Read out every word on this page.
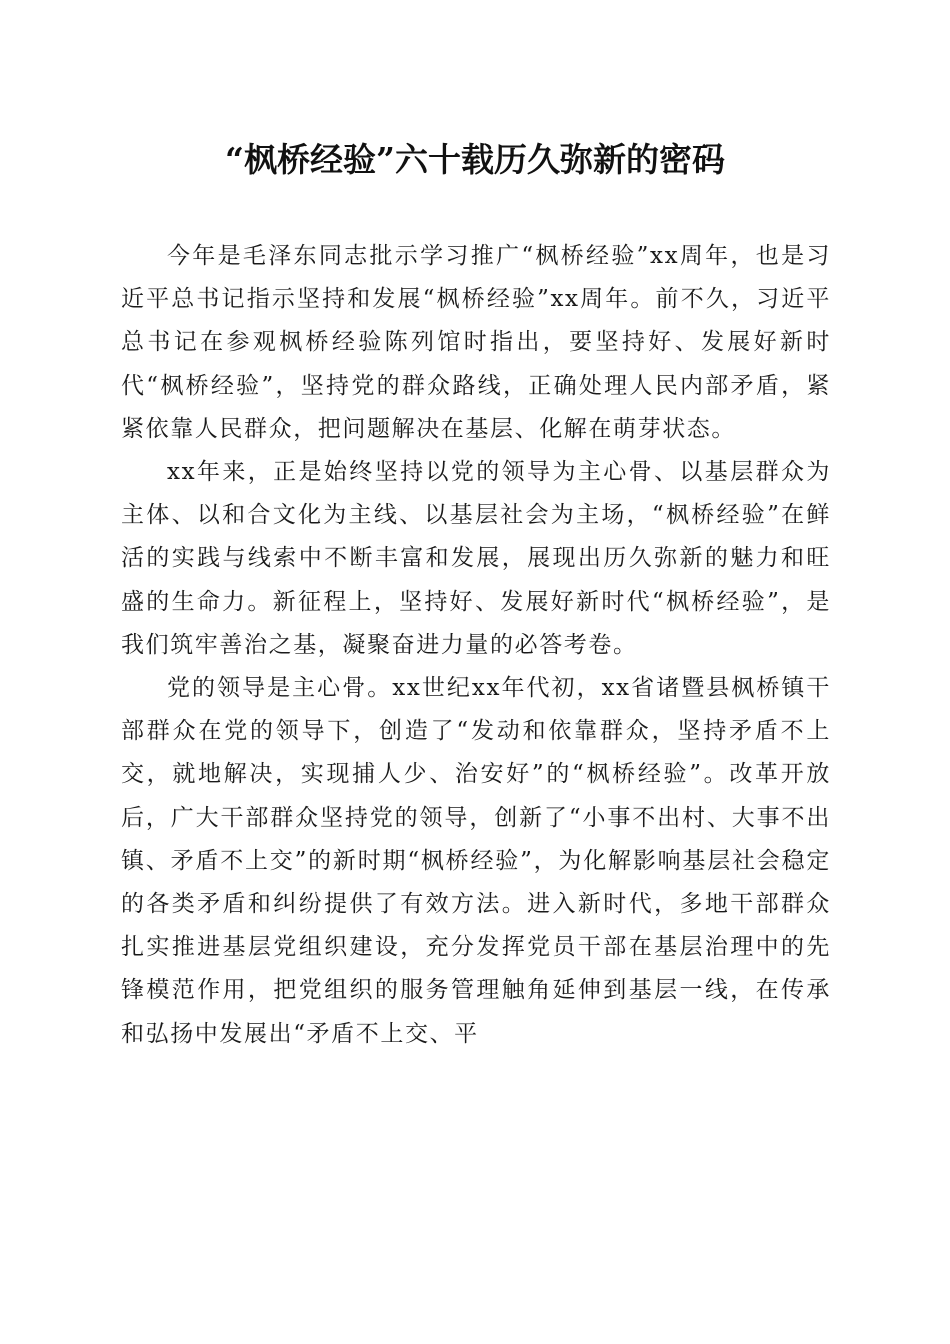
“枫桥经验”六十载历久弥新的密码

今年是毛泽东同志批示学习推广“枫桥经验”xx周年，也是习近平总书记指示坚持和发展“枫桥经验”xx周年。前不久，习近平总书记在参观枫桥经验陈列馆时指出，要坚持好、发展好新时代“枫桥经验”，坚持党的群众路线，正确处理人民内部矛盾，紧紧依靠人民群众，把问题解决在基层、化解在萌芽状态。

xx年来，正是始终坚持以党的领导为主心骨、以基层群众为主体、以和合文化为主线、以基层社会为主场，“枫桥经验”在鲜活的实践与线索中不断丰富和发展，展现出历久弥新的魅力和旺盛的生命力。新征程上，坚持好、发展好新时代“枫桥经验”，是我们筑牢善治之基，凝聚奋进力量的必答考卷。

党的领导是主心骨。xx世纪xx年代初，xx省诸暨县枫桥镇干部群众在党的领导下，创造了“发动和依靠群众，坚持矛盾不上交，就地解决，实现捕人少、治安好”的“枫桥经验”。改革开放后，广大干部群众坚持党的领导，创新了“小事不出村、大事不出镇、矛盾不上交”的新时期“枫桥经验”，为化解影响基层社会稳定的各类矛盾和纠纷提供了有效方法。进入新时代，多地干部群众扎实推进基层党组织建设，充分发挥党员干部在基层治理中的先锋模范作用，把党组织的服务管理触角延伸到基层一线，在传承和弘扬中发展出“矛盾不上交、平
